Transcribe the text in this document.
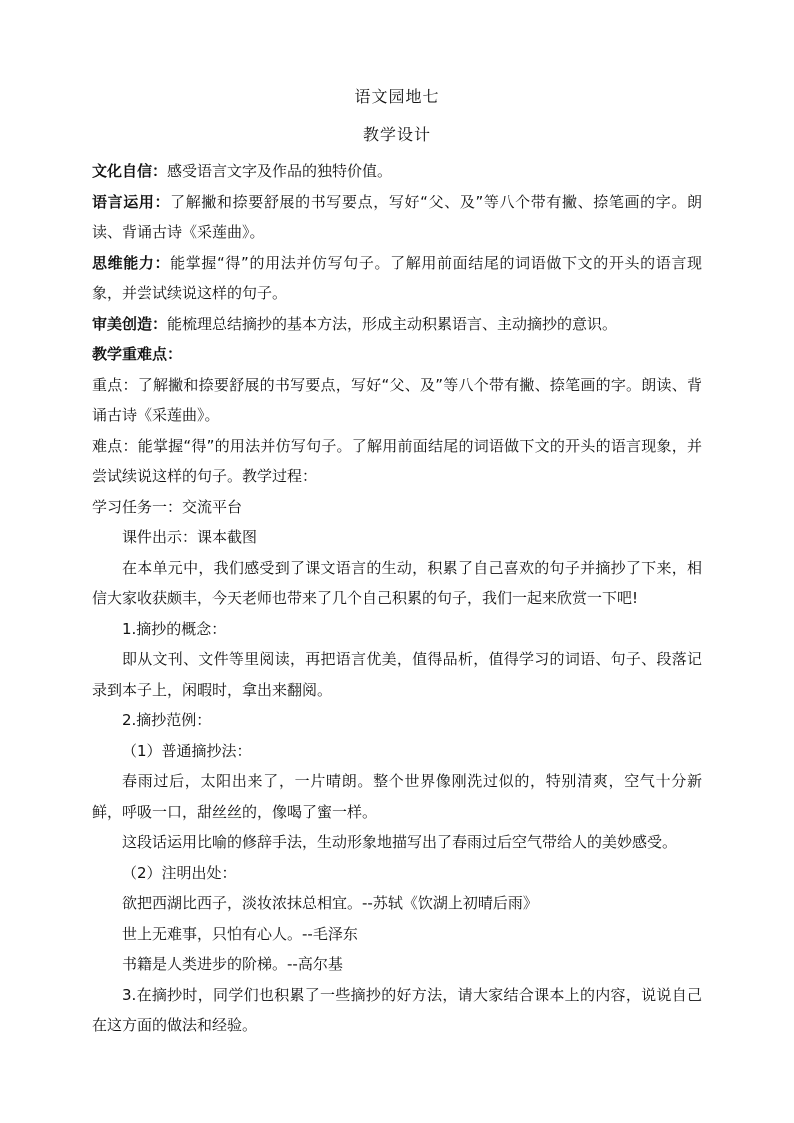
语文园地七

教学设计

文化自信：感受语言文字及作品的独特价值。

语言运用：了解撇和捺要舒展的书写要点，写好“父、及”等八个带有撇、捺笔画的字。朗读、背诵古诗《采莲曲》。

思维能力：能掌握“得”的用法并仿写句子。了解用前面结尾的词语做下文的开头的语言现象，并尝试续说这样的句子。

审美创造：能梳理总结摘抄的基本方法，形成主动积累语言、主动摘抄的意识。

教学重难点：

重点：了解撇和捺要舒展的书写要点，写好“父、及”等八个带有撇、捺笔画的字。朗读、背诵古诗《采莲曲》。

难点：能掌握“得”的用法并仿写句子。了解用前面结尾的词语做下文的开头的语言现象，并尝试续说这样的句子。教学过程：

学习任务一：交流平台

课件出示：课本截图

在本单元中，我们感受到了课文语言的生动，积累了自己喜欢的句子并摘抄了下来，相信大家收获颇丰，今天老师也带来了几个自己积累的句子，我们一起来欣赏一下吧!

1.摘抄的概念：

即从文刊、文件等里阅读，再把语言优美，值得品析，值得学习的词语、句子、段落记录到本子上，闲暇时，拿出来翻阅。

2.摘抄范例：

（1）普通摘抄法：

春雨过后，太阳出来了，一片晴朗。整个世界像刚洗过似的，特别清爽，空气十分新鲜，呼吸一口，甜丝丝的，像喝了蜜一样。

这段话运用比喻的修辞手法，生动形象地描写出了春雨过后空气带给人的美妙感受。

（2）注明出处：

欲把西湖比西子，淡妆浓抹总相宜。--苏轼《饮湖上初晴后雨》

世上无难事，只怕有心人。--毛泽东

书籍是人类进步的阶梯。--高尔基

3.在摘抄时，同学们也积累了一些摘抄的好方法，请大家结合课本上的内容，说说自己在这方面的做法和经验。
